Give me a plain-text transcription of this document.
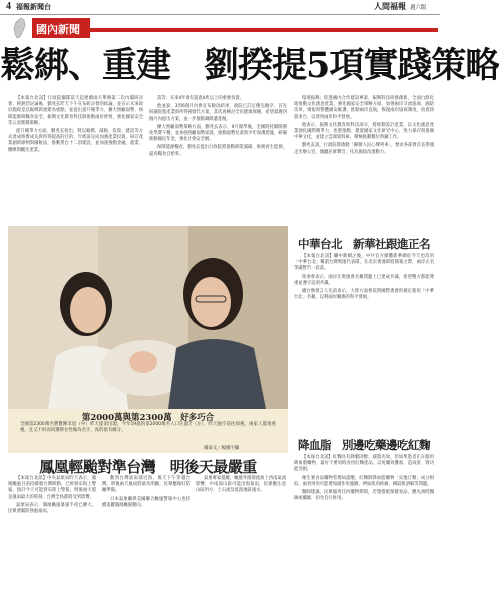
4 福報新聞台	人間福報 週六版
國內新聞
鬆綁、重建　劉揆提5項實踐策略

【本報台北訊】行政院團隊前天起連續兩天舉辦第二次內閣研討會，經熱烈討論後，劉兆玄昨天下午宣布研討會的結論，並宣示未來政府施政是以鬆綁與重建為重點，並提出提升競爭力、擴大照顧弱勢、保障能源與糧食安全、振興文化教育科技與推動兩岸經貿、強化國家安全等五項實踐策略。

提升競爭力方面，劉兆玄指出，將以鬆綁、減稅、投資、建設等方式達成經濟成長與所得提高的目的，年底前完成加強產業投資，研訂產業創新條例與國稅法，推動愛台十二項建設，並加速推動金融、農業、醫療與觀光產業。

落等；未來4年會有超過4兆以上的重要投資。

他並說，3到6個月內會宣布稅改結果，政院已訂定優先順序，首先研議促進產業與所得稅發代方案，其次再檢討全民健康保險，希望最遲四個月內提出方案，並一步推動調降遺產稅。

擴大照顧弱勢策略方面，劉兆玄表示，9月開學後，全國將持續開辦免學費午餐，並加強照顧弱勢家庭，推動弱勢兒童與少年保護措施，研擬推動國民年金，強化社會安全網。

保障能源糧食，劉兆玄提出行政院將推動節能減碳，推廣再生能源，提高糧食自給率。

環境振興；促進國內合作建設專案，振興科技研發創新，全面白熱化地推動文化創意產業，強化國家安全策略方面，加強兩岸交流協商、國防改革、情報與整體國安維護；推動兩岸直航，恢復兩岸協商制度，放寬陸資來台，以達到兩岸和平發展。

他表示，振興文化教育與科技部分，將推動設計產業，以文化創意產業強化國際競爭力，也將推動、建置國家文化研究中心，致力保存與推廣中華文化，並建立雲端資料庫，積極推動數位典藏工作。

劉兆玄說，行政院將啟動「御膳人民心聲列車」，要求各部會首長帶頭走出辦公室，傾聽民眾聲音，化為施政改進動力。

第2000萬與第2300萬　好多巧合
全國第2300萬名寶寶陳禾恩（中）昨天提前出現，今年19歲的第2000萬名人口汪淑芳（左），昨天抽空前往探視，兩家人都很重視，且又不約而同選擇女性做為名字，真的很有緣分。
國泰文／楊國宇攝
中華台北　新華社跟進正名

【本報台北訊】繼中新網之後，中共官方媒體新華網於今天也改用「中華台北」稱謂台灣奧運代表隊，在北京奧運即將開幕之際，兩岸正名爭議暫告一段落。

陸委會表示，兩岸在奧運會名稱問題上已達成共識，希望雙方都能尊重並遵守這項共識。

國台辦發言人先前表示，大陸方面會依照國際奧會的規定使用「中華台北」名稱，以利兩岸關係的和平發展。

降血脂　別邊吃藥邊吃紅麴

【本報台北訊】紅麴具有降膽固醇、減脂功效，但如果患者正在服用降血脂藥物，最好不要同時食用紅麴產品，以免藥效疊加，造成肝、腎功能受損。

衛生署食品藥物管理局提醒，紅麴與降血脂藥物「史他汀類」成分相似，兩者併用可能增加副作用風險，例如肌肉疼痛、橫紋肌溶解等問題。

醫師建議，民眾服用任何藥物期間，若想搭配保健食品，應先詢問醫師或藥師，切勿自行併用。

鳳凰輕颱對準台灣　明後天最嚴重

【本報台北訊】中央氣象局昨天表示，鳳凰颱風目前持續朝台灣移動，已經發布海上警報，預計今天可能發布陸上警報，明後兩天將是風雨最大的時刻，台灣全島都將受到影響。

氣象局表示，鳳凰颱風暴風半徑已擴大，民眾要嚴防強風豪雨。

動到台灣東南部近海，後天下午穿越台灣，明後兩天風雨將最為明顯，民眾應做好防颱準備。

日本氣象廳與美國聯合颱風警報中心也持續追蹤鳳凰颱風動向。

氣象專家提醒，颱風外圍環流加上西南氣流影響，中南部山區可能出現豪雨，民眾應注意山區坍方、土石流及低窪地區淹水。
